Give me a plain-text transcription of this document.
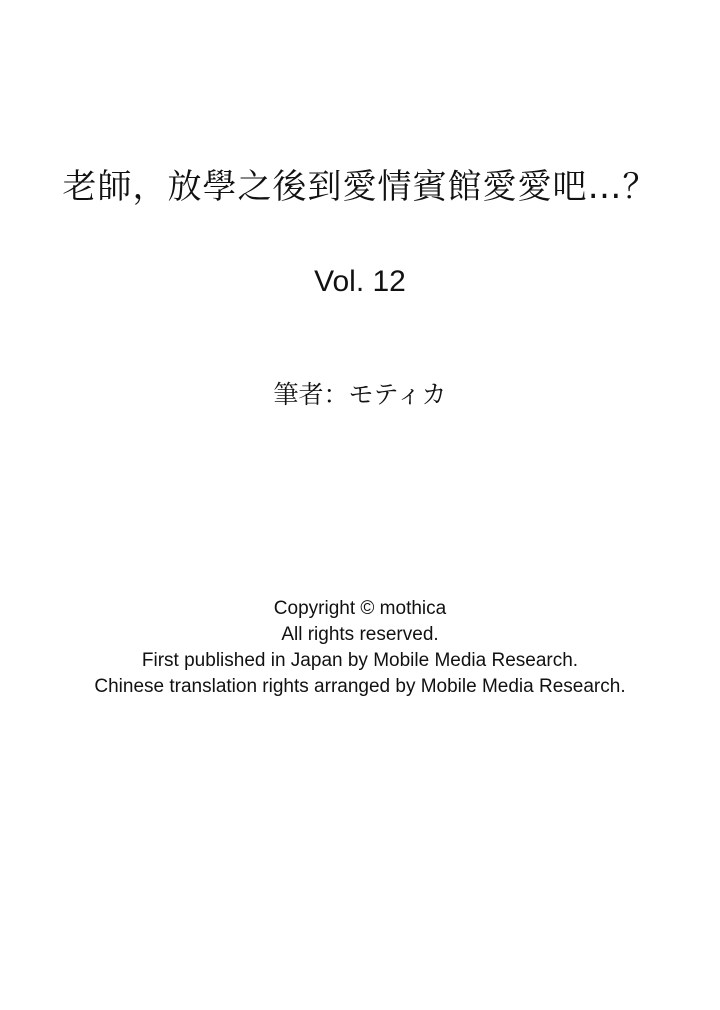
老師，放學之後到愛情賓館愛愛吧…？
Vol. 12
筆者：モティカ
Copyright © mothica
All rights reserved.
First published in Japan by Mobile Media Research.
Chinese translation rights arranged by Mobile Media Research.
